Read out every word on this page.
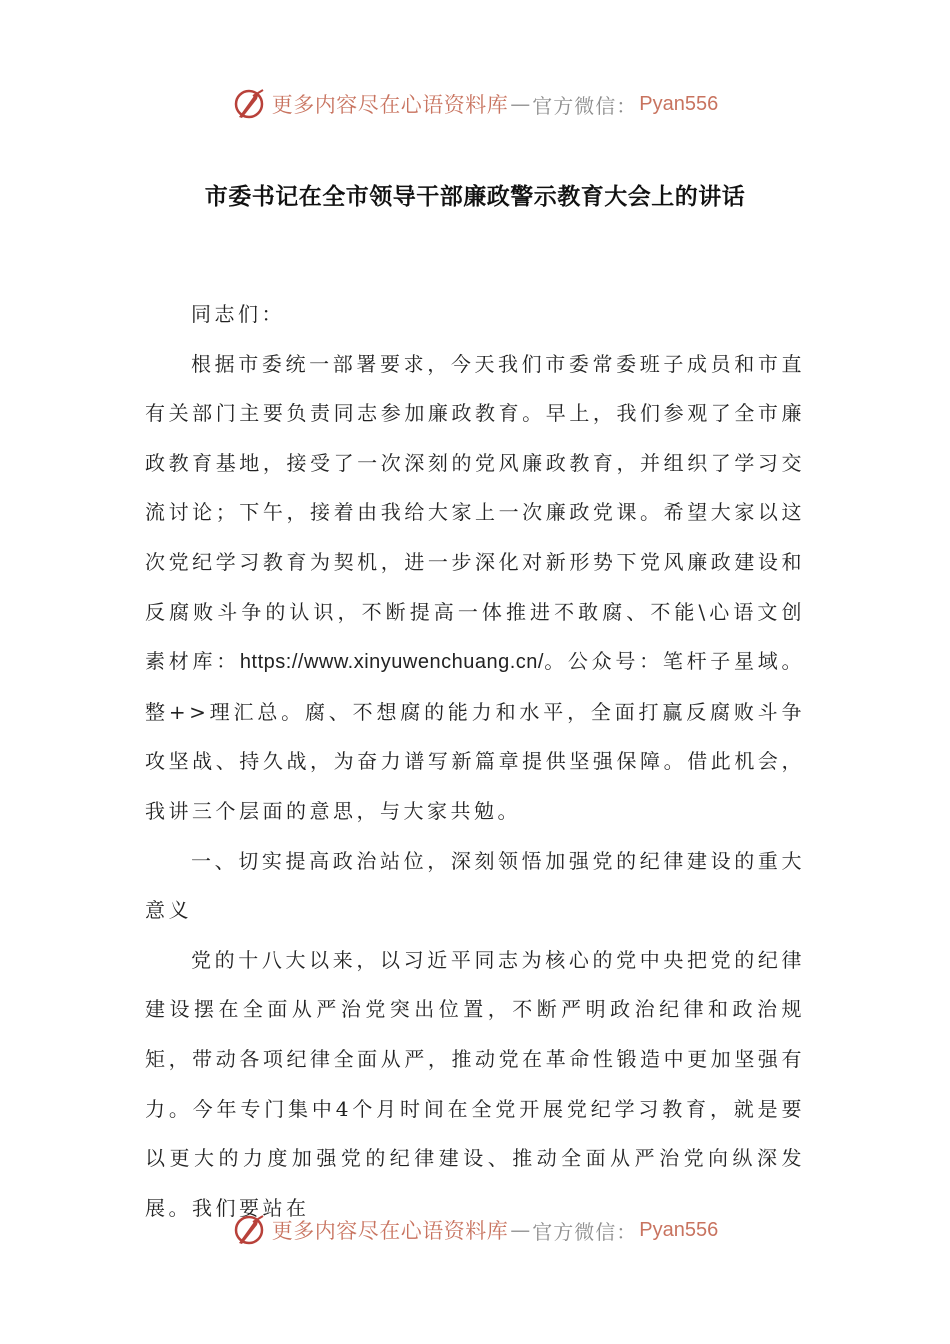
更多内容尽在心语资料库 — 官方微信： Pyan556
市委书记在全市领导干部廉政警示教育大会上的讲话

同志们：

根据市委统一部署要求，今天我们市委常委班子成员和市直有关部门主要负责同志参加廉政教育。早上，我们参观了全市廉政教育基地，接受了一次深刻的党风廉政教育，并组织了学习交流讨论；下午，接着由我给大家上一次廉政党课。希望大家以这次党纪学习教育为契机，进一步深化对新形势下党风廉政建设和反腐败斗争的认识，不断提高一体推进不敢腐、不能\心语文创素材库：https://www.xinyuwenchuang.cn/。公众号：笔杆子星域。整+>理汇总。腐、不想腐的能力和水平，全面打赢反腐败斗争攻坚战、持久战，为奋力谱写新篇章提供坚强保障。借此机会，我讲三个层面的意思，与大家共勉。

一、切实提高政治站位，深刻领悟加强党的纪律建设的重大意义

党的十八大以来，以习近平同志为核心的党中央把党的纪律建设摆在全面从严治党突出位置，不断严明政治纪律和政治规矩，带动各项纪律全面从严，推动党在革命性锻造中更加坚强有力。今年专门集中4个月时间在全党开展党纪学习教育，就是要以更大的力度加强党的纪律建设、推动全面从严治党向纵深发展。我们要站在

更多内容尽在心语资料库 — 官方微信： Pyan556
